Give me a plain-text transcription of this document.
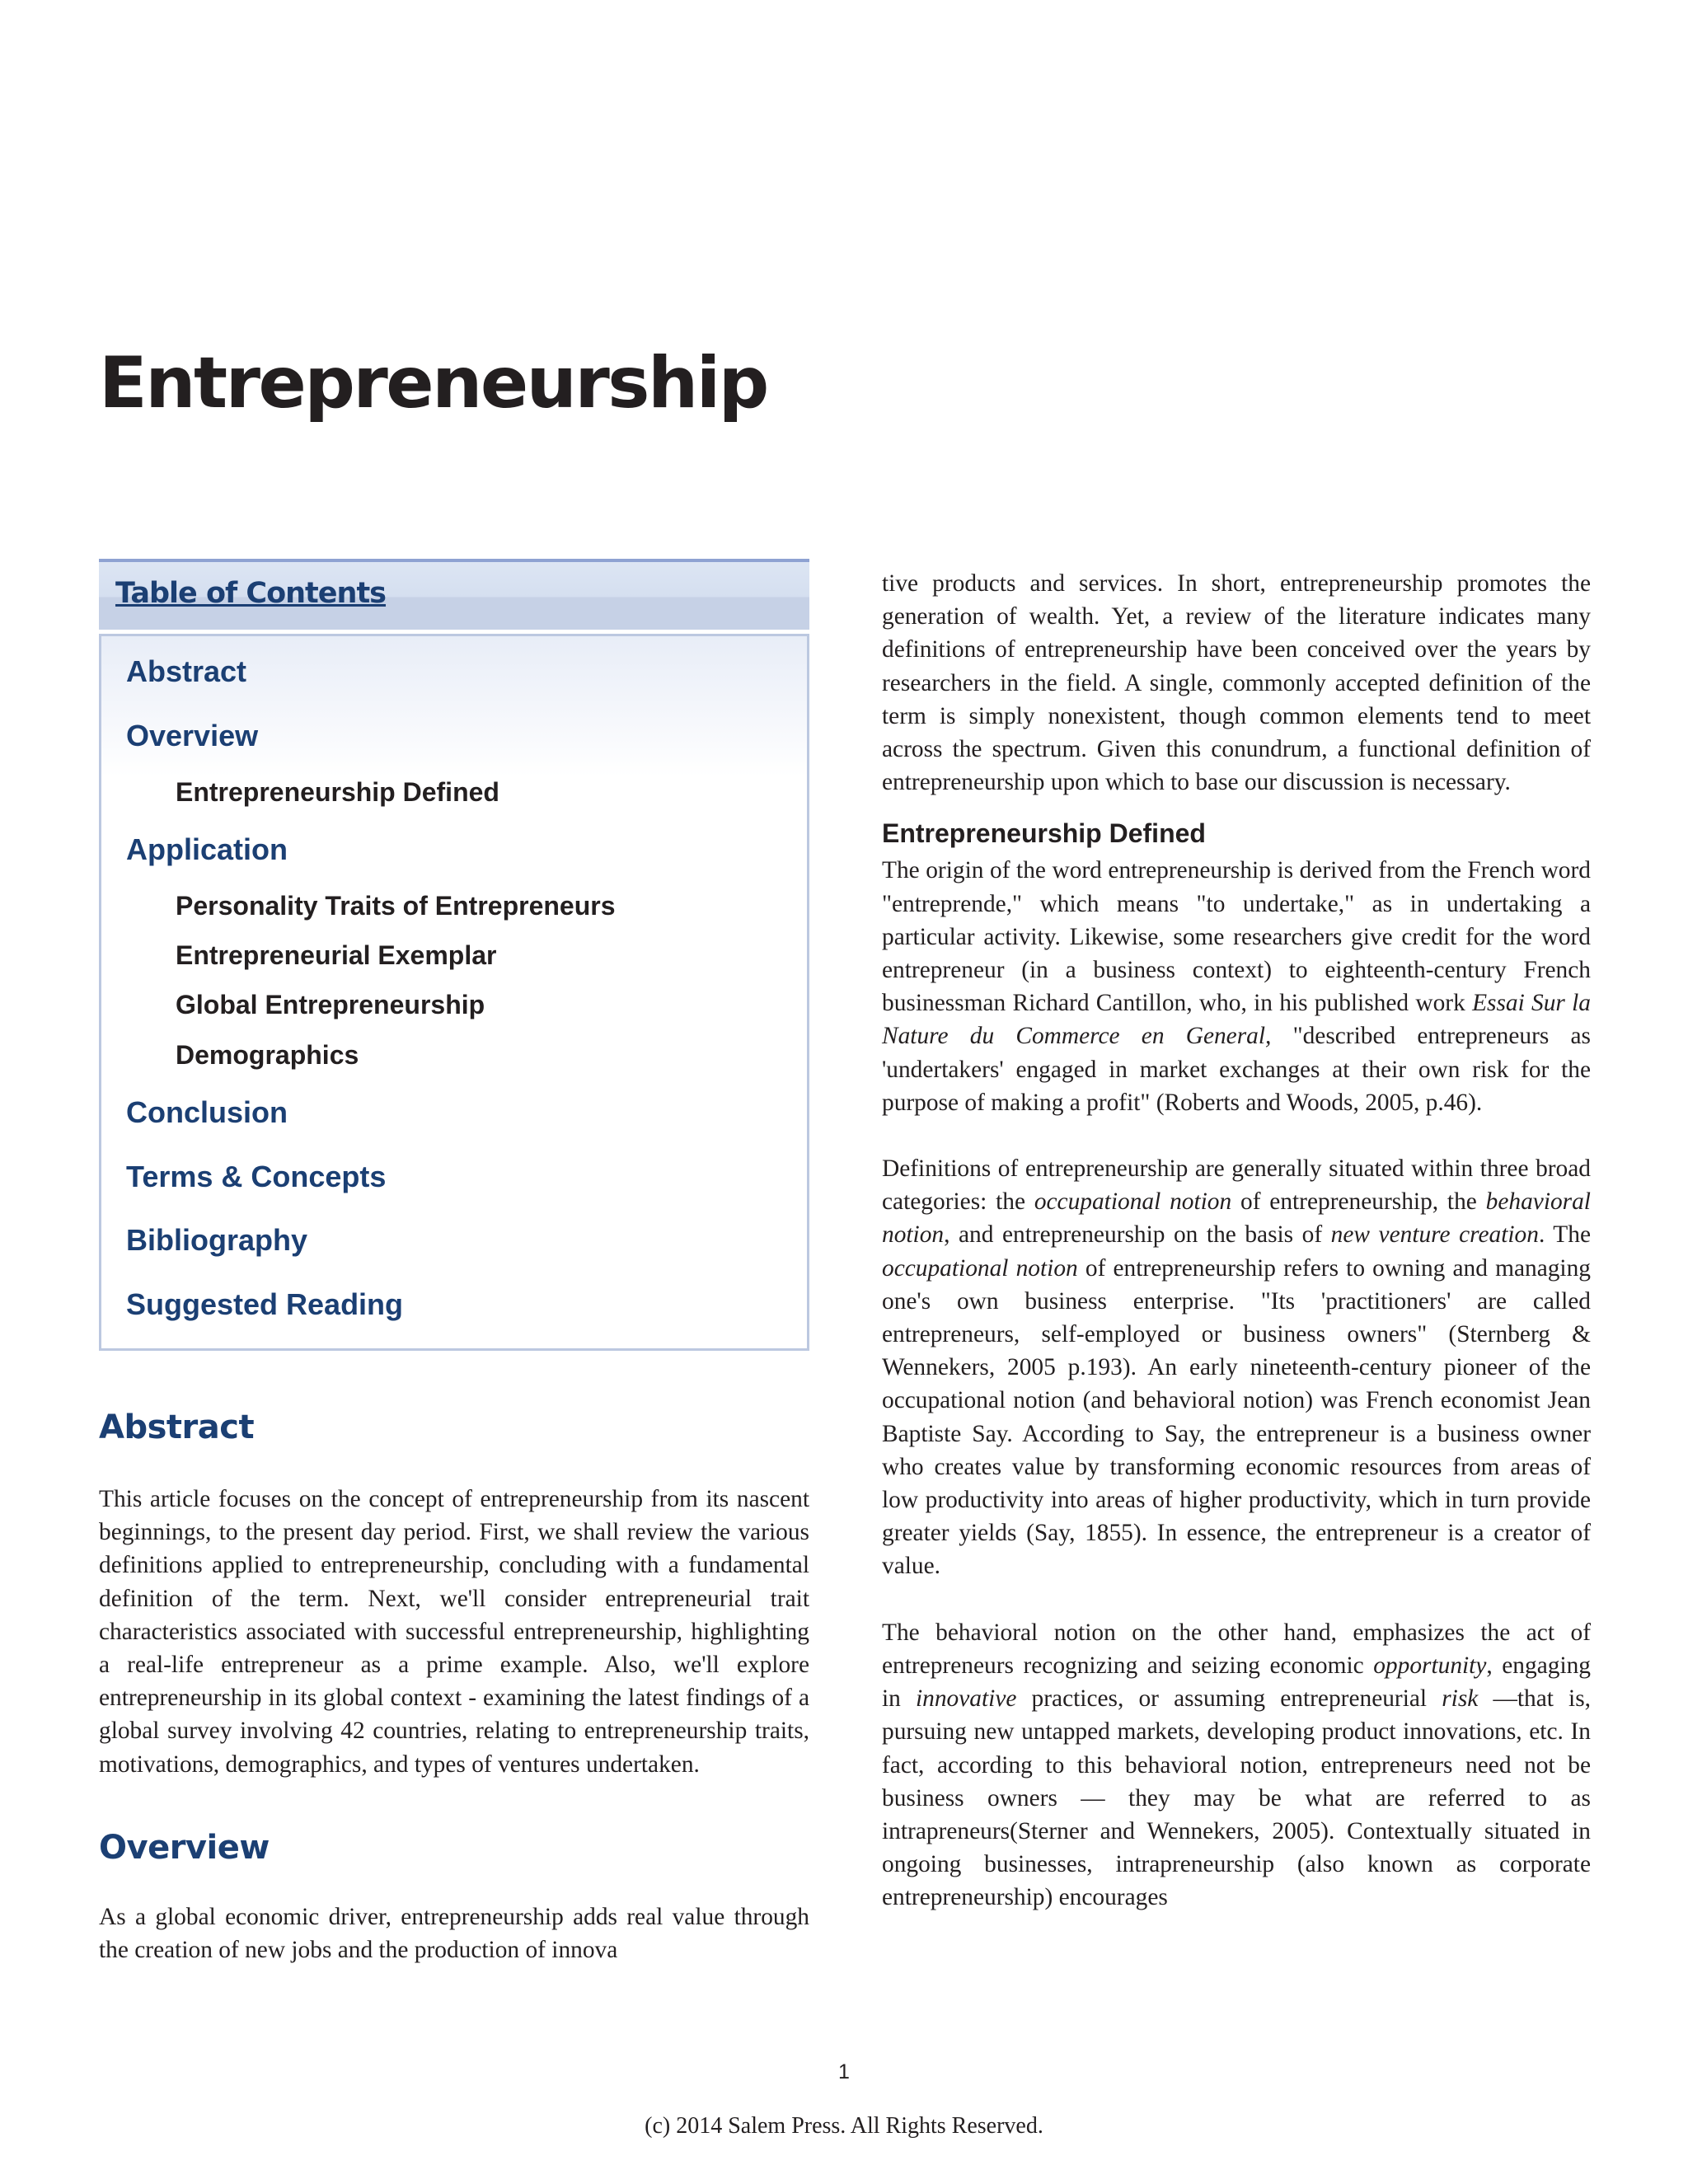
Entrepreneurship
Table of Contents
Abstract
Overview
Entrepreneurship Defined
Application
Personality Traits of Entrepreneurs
Entrepreneurial Exemplar
Global Entrepreneurship
Demographics
Conclusion
Terms & Concepts
Bibliography
Suggested Reading
Abstract

This article focuses on the concept of entrepreneurship from its nascent beginnings, to the present day period. First, we shall review the various definitions applied to entrepreneurship, concluding with a fundamental definition of the term. Next, we'll consider entrepreneurial trait characteristics associated with successful entrepreneurship, highlighting a real-life entrepreneur as a prime example. Also, we'll explore entrepreneurship in its global context - examining the latest findings of a global survey involving 42 countries, relating to entrepreneurship traits, motivations, demographics, and types of ventures undertaken.

Overview

As a global economic driver, entrepreneurship adds real value through the creation of new jobs and the production of innova

tive products and services. In short, entrepreneurship promotes the generation of wealth. Yet, a review of the literature indicates many definitions of entrepreneurship have been conceived over the years by researchers in the field. A single, commonly accepted definition of the term is simply nonexistent, though common elements tend to meet across the spectrum. Given this conundrum, a functional definition of entrepreneurship upon which to base our discussion is necessary.

Entrepreneurship Defined

The origin of the word entrepreneurship is derived from the French word "entreprende," which means "to undertake," as in undertaking a particular activity. Likewise, some researchers give credit for the word entrepreneur (in a business context) to eighteenth-century French businessman Richard Cantillon, who, in his published work Essai Sur la Nature du Commerce en General, "described entrepreneurs as 'undertakers' engaged in market exchanges at their own risk for the purpose of making a profit" (Roberts and Woods, 2005, p.46).

Definitions of entrepreneurship are generally situated within three broad categories: the occupational notion of entrepreneurship, the behavioral notion, and entrepreneurship on the basis of new venture creation. The occupational notion of entrepreneurship refers to owning and managing one's own business enterprise. "Its 'practitioners' are called entrepreneurs, self-employed or business owners" (Sternberg & Wennekers, 2005 p.193). An early nineteenth-century pioneer of the occupational notion (and behavioral notion) was French economist Jean Baptiste Say. According to Say, the entrepreneur is a business owner who creates value by transforming economic resources from areas of low productivity into areas of higher productivity, which in turn provide greater yields (Say, 1855). In essence, the entrepreneur is a creator of value.

The behavioral notion on the other hand, emphasizes the act of entrepreneurs recognizing and seizing economic opportunity, engaging in innovative practices, or assuming entrepreneurial risk —that is, pursuing new untapped markets, developing product innovations, etc. In fact, according to this behavioral notion, entrepreneurs need not be business owners — they may be what are referred to as intrapreneurs(Sterner and Wennekers, 2005). Contextually situated in ongoing businesses, intrapreneurship (also known as corporate entrepreneurship) encourages

1
(c) 2014 Salem Press. All Rights Reserved.
